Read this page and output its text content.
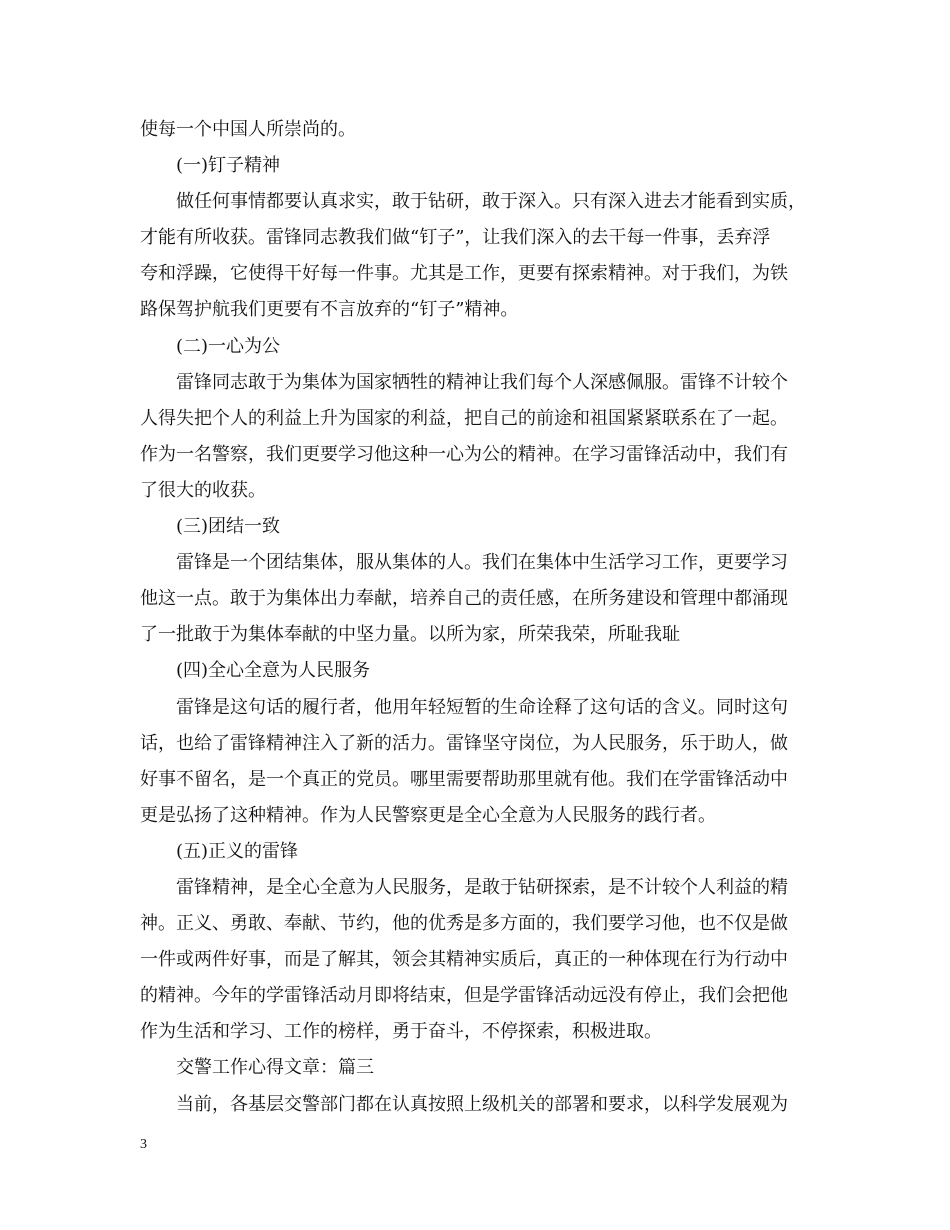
使每一个中国人所崇尚的。
(一)钉子精神
做任何事情都要认真求实，敢于钻研，敢于深入。只有深入进去才能看到实质，
才能有所收获。雷锋同志教我们做“钉子”，让我们深入的去干每一件事，丢弃浮
夸和浮躁，它使得干好每一件事。尤其是工作，更要有探索精神。对于我们，为铁
路保驾护航我们更要有不言放弃的“钉子”精神。
(二)一心为公
雷锋同志敢于为集体为国家牺牲的精神让我们每个人深感佩服。雷锋不计较个
人得失把个人的利益上升为国家的利益，把自己的前途和祖国紧紧联系在了一起。
作为一名警察，我们更要学习他这种一心为公的精神。在学习雷锋活动中，我们有
了很大的收获。
(三)团结一致
雷锋是一个团结集体，服从集体的人。我们在集体中生活学习工作，更要学习
他这一点。敢于为集体出力奉献，培养自己的责任感，在所务建设和管理中都涌现
了一批敢于为集体奉献的中坚力量。以所为家，所荣我荣，所耻我耻
(四)全心全意为人民服务
雷锋是这句话的履行者，他用年轻短暂的生命诠释了这句话的含义。同时这句
话，也给了雷锋精神注入了新的活力。雷锋坚守岗位，为人民服务，乐于助人，做
好事不留名，是一个真正的党员。哪里需要帮助那里就有他。我们在学雷锋活动中
更是弘扬了这种精神。作为人民警察更是全心全意为人民服务的践行者。
(五)正义的雷锋
雷锋精神，是全心全意为人民服务，是敢于钻研探索，是不计较个人利益的精
神。正义、勇敢、奉献、节约，他的优秀是多方面的，我们要学习他，也不仅是做
一件或两件好事，而是了解其，领会其精神实质后，真正的一种体现在行为行动中
的精神。今年的学雷锋活动月即将结束，但是学雷锋活动远没有停止，我们会把他
作为生活和学习、工作的榜样，勇于奋斗，不停探索，积极进取。
交警工作心得文章：篇三
当前，各基层交警部门都在认真按照上级机关的部署和要求，以科学发展观为
3
